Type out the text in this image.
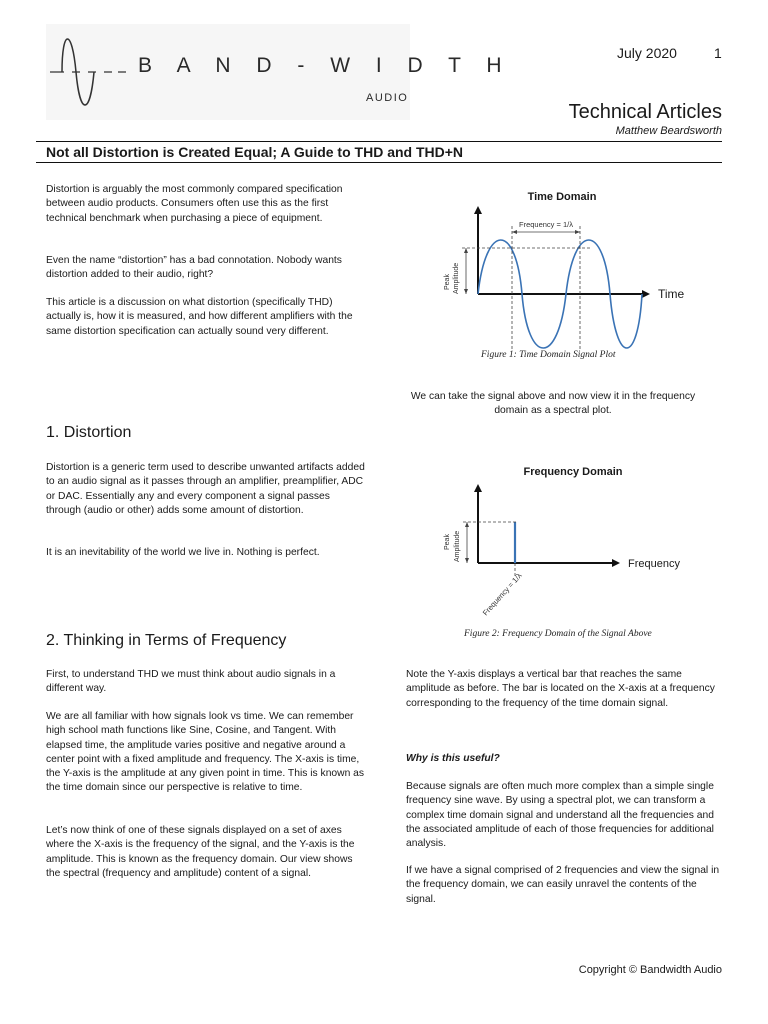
B A N D - W I D T H
AUDIO
July 2020	1
Technical Articles
Matthew Beardsworth
Not all Distortion is Created Equal; A Guide to THD and THD+N

Distortion is arguably the most commonly compared specification between audio products. Consumers often use this as the first technical benchmark when purchasing a piece of equipment.

Even the name “distortion” has a bad connotation. Nobody wants distortion added to their audio, right?

This article is a discussion on what distortion (specifically THD) actually is, how it is measured, and how different amplifiers with the same distortion specification can actually sound very different.

1. Distortion

Distortion is a generic term used to describe unwanted artifacts added to an audio signal as it passes through an amplifier, preamplifier, ADC or DAC. Essentially any and every component a signal passes through (audio or other) adds some amount of distortion.

It is an inevitability of the world we live in. Nothing is perfect.

2. Thinking in Terms of Frequency

First, to understand THD we must think about audio signals in a different way.

We are all familiar with how signals look vs time. We can remember high school math functions like Sine, Cosine, and Tangent. With elapsed time, the amplitude varies positive and negative around a center point with a fixed amplitude and frequency. The X-axis is time, the Y-axis is the amplitude at any given point in time. This is known as the time domain since our perspective is relative to time.

Let’s now think of one of these signals displayed on a set of axes where the X-axis is the frequency of the signal, and the Y-axis is the amplitude. This is known as the frequency domain. Our view shows the spectral (frequency and amplitude) content of a signal.

Time Domain
Frequency = 1/λ
Peak Amplitude	Time
Figure 1: Time Domain Signal Plot

We can take the signal above and now view it in the frequency domain as a spectral plot.

Frequency Domain
Peak Amplitude
Frequency
Frequency = 1/λ
Figure 2: Frequency Domain of the Signal Above

Note the Y-axis displays a vertical bar that reaches the same amplitude as before. The bar is located on the X-axis at a frequency corresponding to the frequency of the time domain signal.

Why is this useful?

Because signals are often much more complex than a simple single frequency sine wave. By using a spectral plot, we can transform a complex time domain signal and understand all the frequencies and the associated amplitude of each of those frequencies for additional analysis.

If we have a signal comprised of 2 frequencies and view the signal in the frequency domain, we can easily unravel the contents of the signal.

Copyright © Bandwidth Audio
